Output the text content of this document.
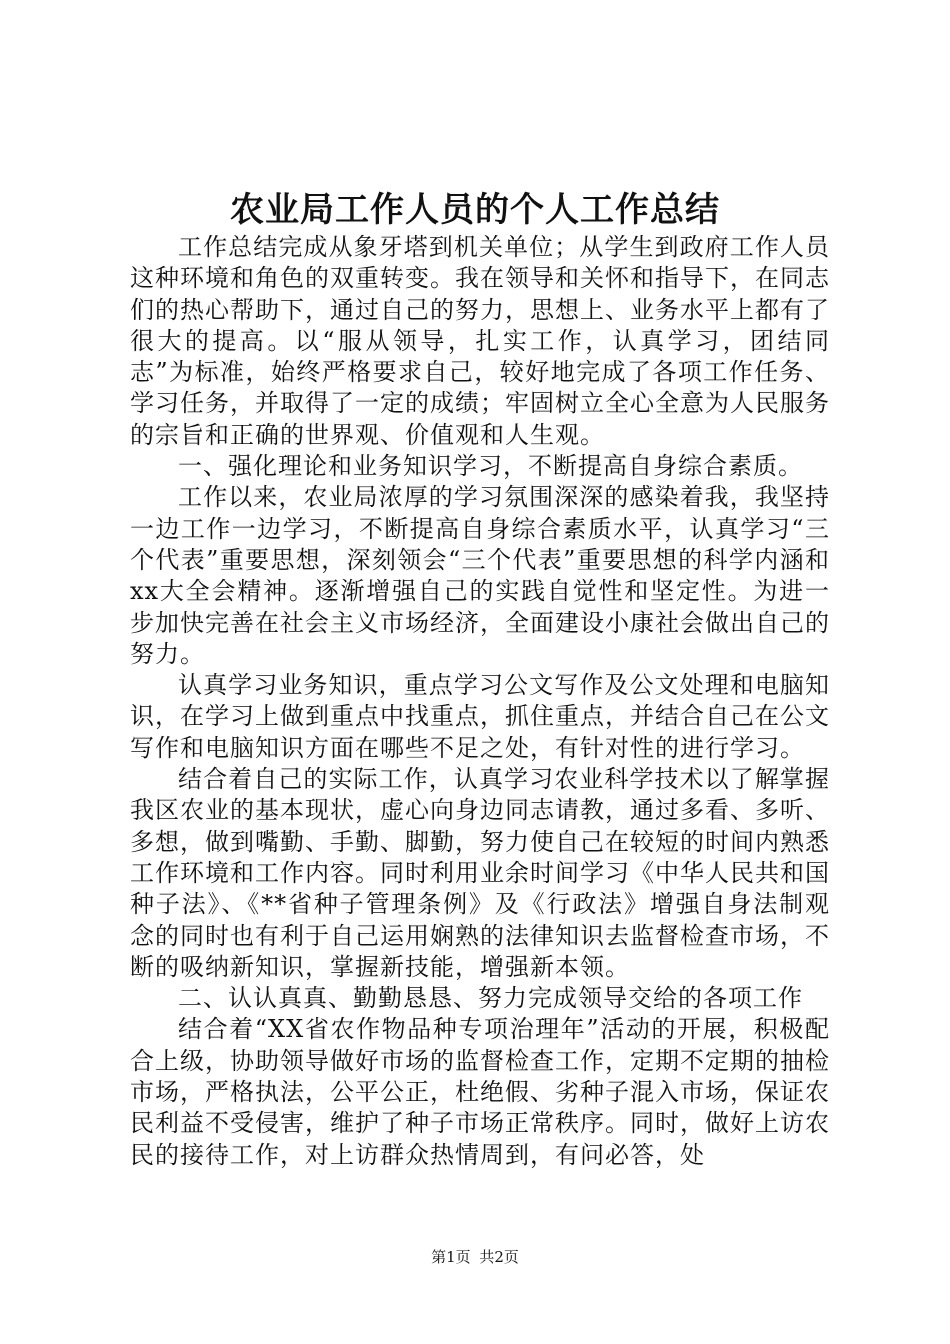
农业局工作人员的个人工作总结

工作总结完成从象牙塔到机关单位；从学生到政府工作人员这种环境和角色的双重转变。我在领导和关怀和指导下，在同志们的热心帮助下，通过自己的努力，思想上、业务水平上都有了很大的提高。以“服从领导，扎实工作，认真学习，团结同志”为标准，始终严格要求自己，较好地完成了各项工作任务、学习任务，并取得了一定的成绩；牢固树立全心全意为人民服务的宗旨和正确的世界观、价值观和人生观。

一、强化理论和业务知识学习，不断提高自身综合素质。

工作以来，农业局浓厚的学习氛围深深的感染着我，我坚持一边工作一边学习，不断提高自身综合素质水平，认真学习“三个代表”重要思想，深刻领会“三个代表”重要思想的科学内涵和xx大全会精神。逐渐增强自己的实践自觉性和坚定性。为进一步加快完善在社会主义市场经济，全面建设小康社会做出自己的努力。

认真学习业务知识，重点学习公文写作及公文处理和电脑知识，在学习上做到重点中找重点，抓住重点，并结合自己在公文写作和电脑知识方面在哪些不足之处，有针对性的进行学习。

结合着自己的实际工作，认真学习农业科学技术以了解掌握我区农业的基本现状，虚心向身边同志请教，通过多看、多听、多想，做到嘴勤、手勤、脚勤，努力使自己在较短的时间内熟悉工作环境和工作内容。同时利用业余时间学习《中华人民共和国种子法》、《**省种子管理条例》及《行政法》增强自身法制观念的同时也有利于自己运用娴熟的法律知识去监督检查市场，不断的吸纳新知识，掌握新技能，增强新本领。

二、认认真真、勤勤恳恳、努力完成领导交给的各项工作

结合着“XX省农作物品种专项治理年”活动的开展，积极配合上级，协助领导做好市场的监督检查工作，定期不定期的抽检市场，严格执法，公平公正，杜绝假、劣种子混入市场，保证农民利益不受侵害，维护了种子市场正常秩序。同时，做好上访农民的接待工作，对上访群众热情周到，有问必答，处

第1页 共2页
